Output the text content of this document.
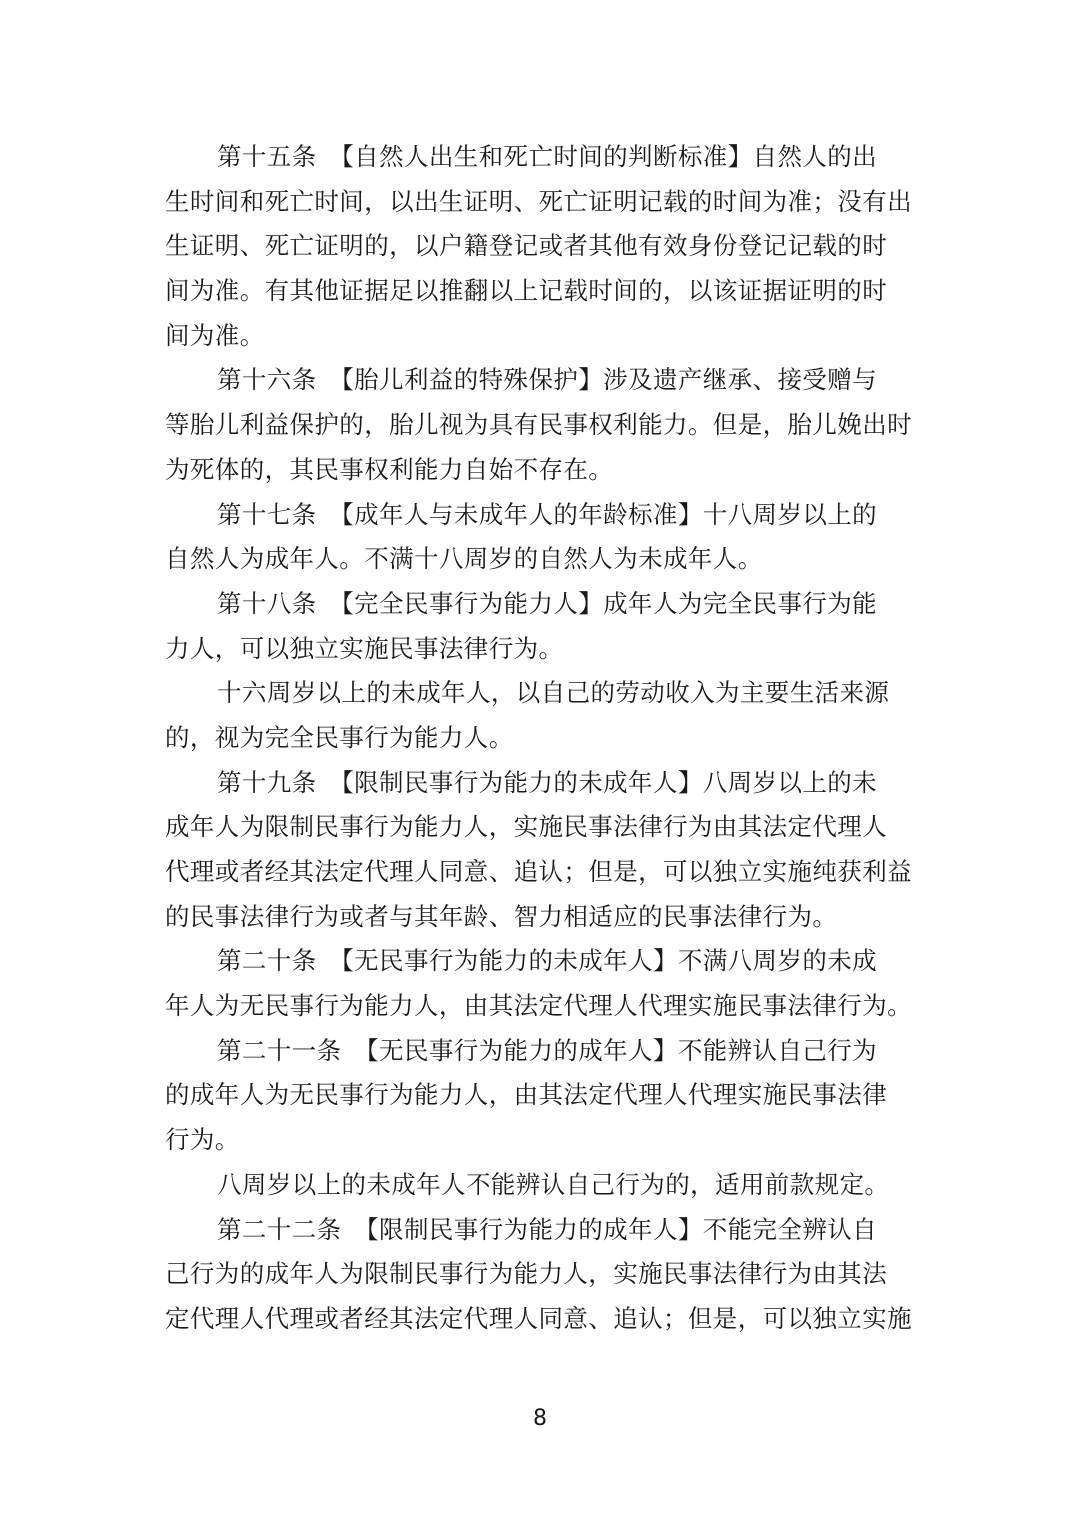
第十五条　【自然人出生和死亡时间的判断标准】自然人的出
生时间和死亡时间，以出生证明、死亡证明记载的时间为准；没有出
生证明、死亡证明的，以户籍登记或者其他有效身份登记记载的时
间为准。有其他证据足以推翻以上记载时间的，以该证据证明的时
间为准。
第十六条　【胎儿利益的特殊保护】涉及遗产继承、接受赠与
等胎儿利益保护的，胎儿视为具有民事权利能力。但是，胎儿娩出时
为死体的，其民事权利能力自始不存在。
第十七条　【成年人与未成年人的年龄标准】十八周岁以上的
自然人为成年人。不满十八周岁的自然人为未成年人。
第十八条　【完全民事行为能力人】成年人为完全民事行为能
力人，可以独立实施民事法律行为。
十六周岁以上的未成年人，以自己的劳动收入为主要生活来源
的，视为完全民事行为能力人。
第十九条　【限制民事行为能力的未成年人】八周岁以上的未
成年人为限制民事行为能力人，实施民事法律行为由其法定代理人
代理或者经其法定代理人同意、追认；但是，可以独立实施纯获利益
的民事法律行为或者与其年龄、智力相适应的民事法律行为。
第二十条　【无民事行为能力的未成年人】不满八周岁的未成
年人为无民事行为能力人，由其法定代理人代理实施民事法律行为。
第二十一条　【无民事行为能力的成年人】不能辨认自己行为
的成年人为无民事行为能力人，由其法定代理人代理实施民事法律
行为。
八周岁以上的未成年人不能辨认自己行为的，适用前款规定。
第二十二条　【限制民事行为能力的成年人】不能完全辨认自
己行为的成年人为限制民事行为能力人，实施民事法律行为由其法
定代理人代理或者经其法定代理人同意、追认；但是，可以独立实施
8
